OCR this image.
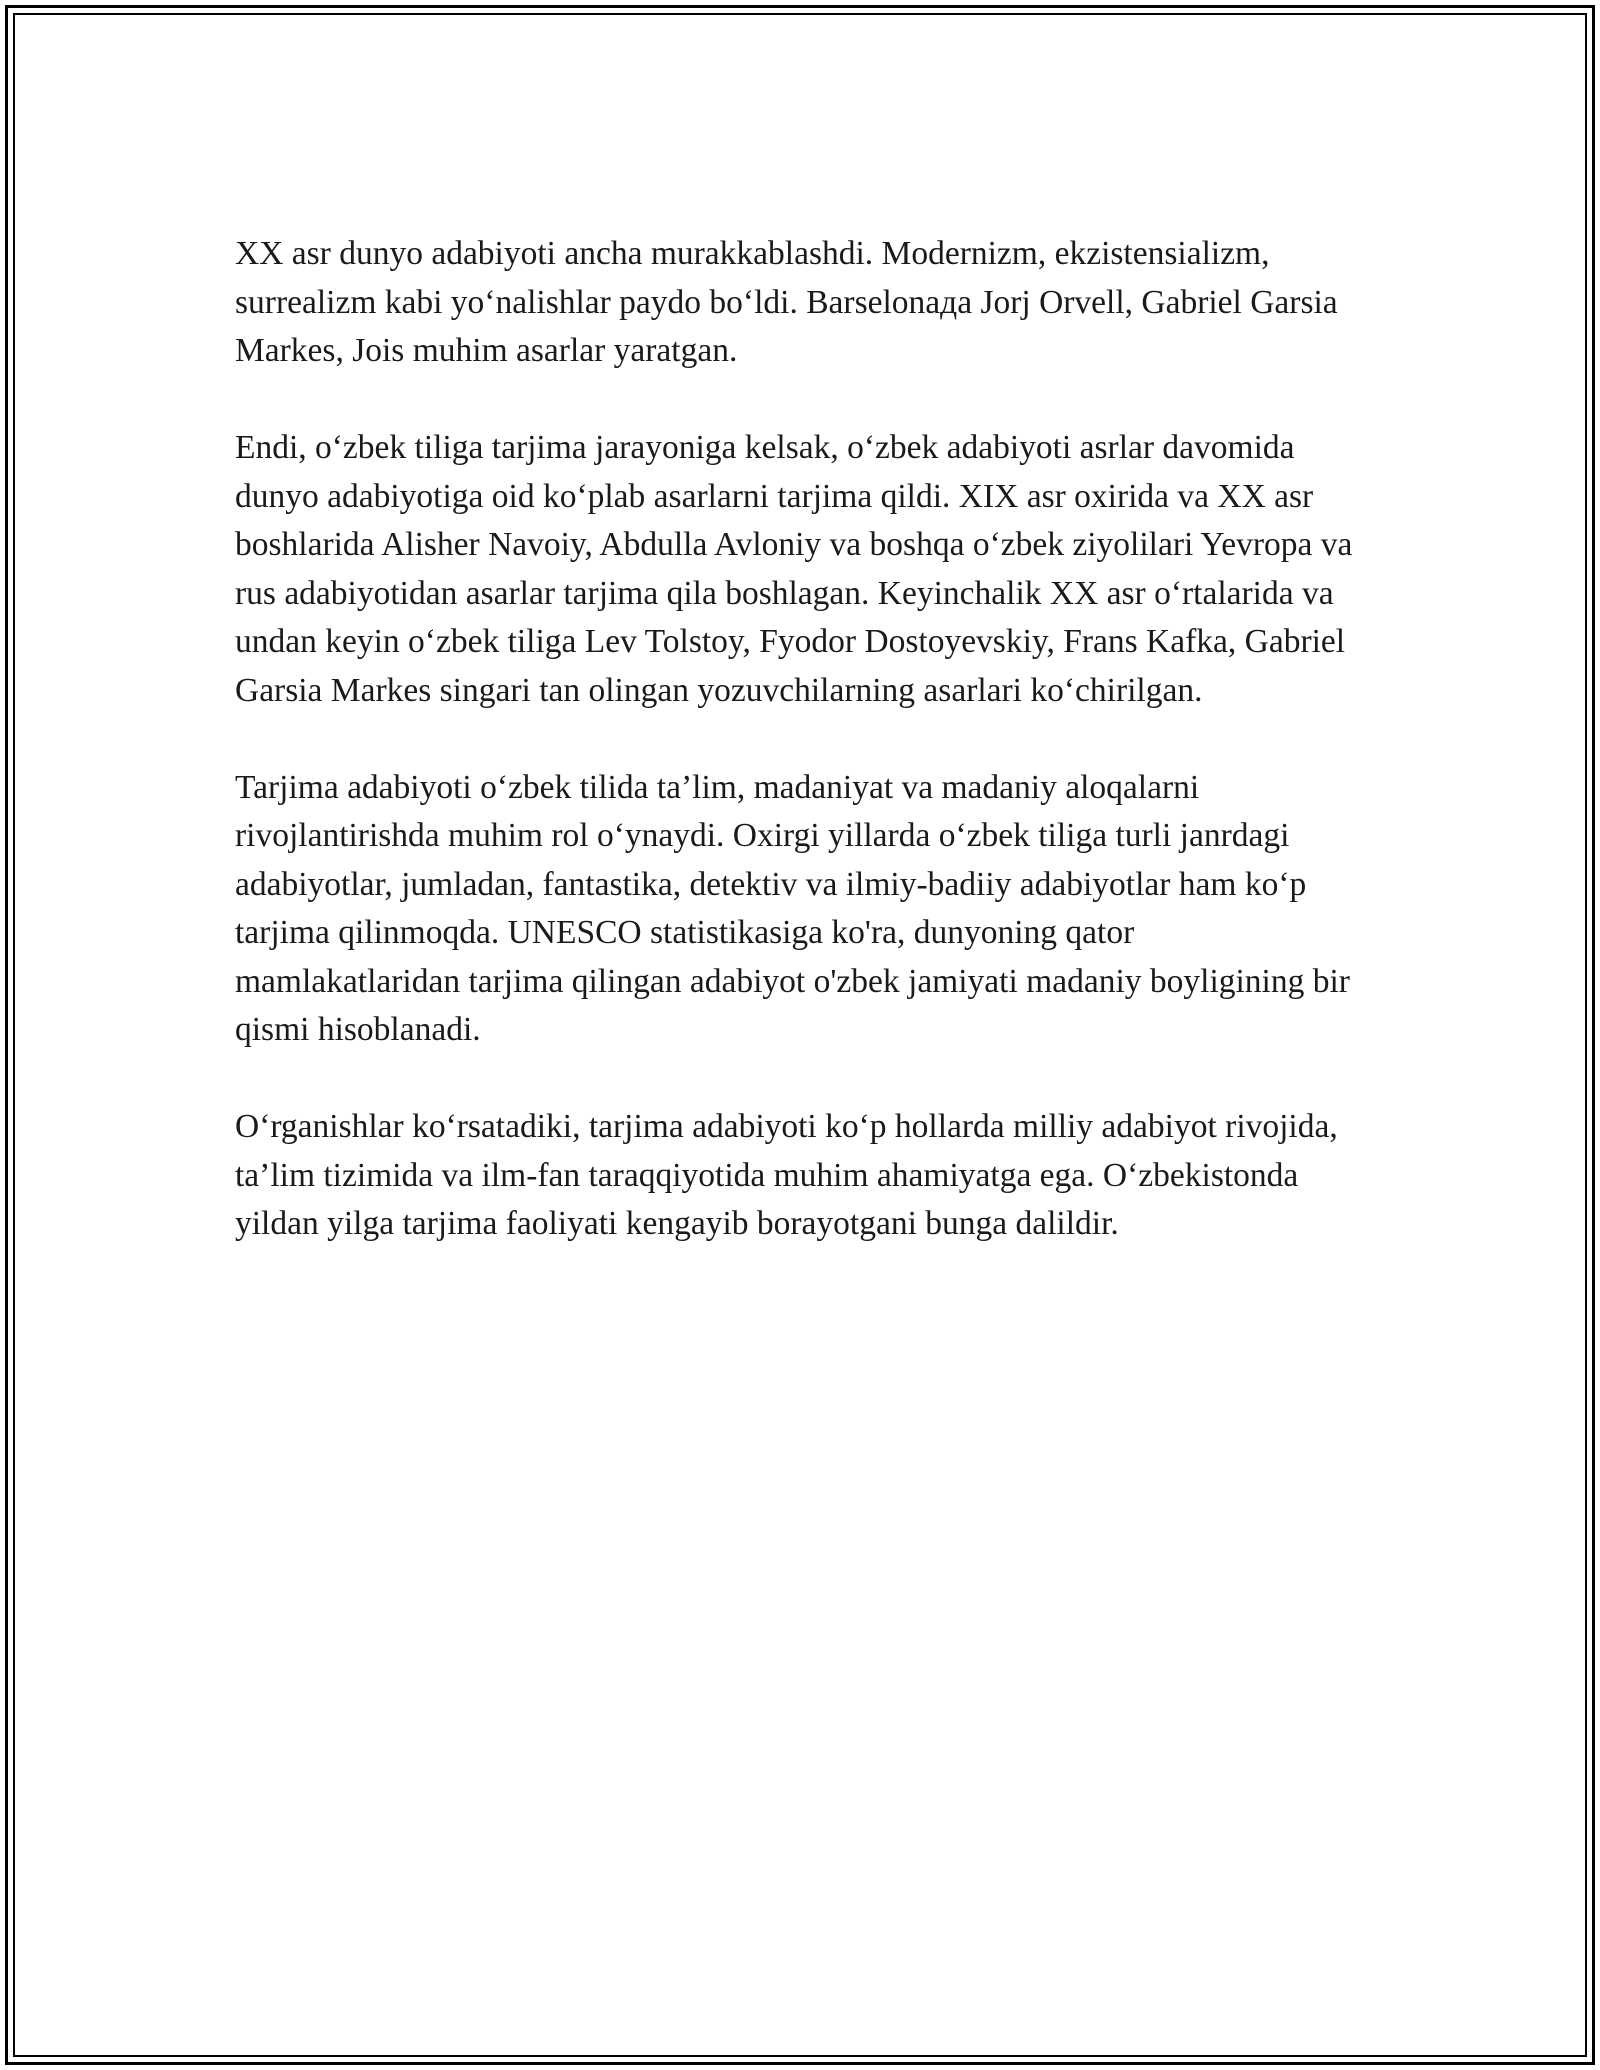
XX asr dunyo adabiyoti ancha murakkablashdi. Modernizm, ekzistensializm, surrealizm kabi yo‘nalishlar paydo bo‘ldi. Barselonада Jorj Orvell, Gabriel Garsia Markes, Jois muhim asarlar yaratgan.

Endi, o‘zbek tiliga tarjima jarayoniga kelsak, o‘zbek adabiyoti asrlar davomida dunyo adabiyotiga oid ko‘plab asarlarni tarjima qildi. XIX asr oxirida va XX asr boshlarida Alisher Navoiy, Abdulla Avloniy va boshqa o‘zbek ziyolilari Yevropa va rus adabiyotidan asarlar tarjima qila boshlagan. Keyinchalik XX asr o‘rtalarida va undan keyin o‘zbek tiliga Lev Tolstoy, Fyodor Dostoyevskiy, Frans Kafka, Gabriel Garsia Markes singari tan olingan yozuvchilarning asarlari ko‘chirilgan.

Tarjima adabiyoti o‘zbek tilida ta’lim, madaniyat va madaniy aloqalarni rivojlantirishda muhim rol o‘ynaydi. Oxirgi yillarda o‘zbek tiliga turli janrdagi adabiyotlar, jumladan, fantastika, detektiv va ilmiy-badiiy adabiyotlar ham ko‘p tarjima qilinmoqda. UNESCO statistikasiga ko'ra, dunyoning qator mamlakatlaridan tarjima qilingan adabiyot o'zbek jamiyati madaniy boyligining bir qismi hisoblanadi.

O‘rganishlar ko‘rsatadiki, tarjima adabiyoti ko‘p hollarda milliy adabiyot rivojida, ta’lim tizimida va ilm-fan taraqqiyotida muhim ahamiyatga ega. O‘zbekistonda yildan yilga tarjima faoliyati kengayib borayotgani bunga dalildir.
